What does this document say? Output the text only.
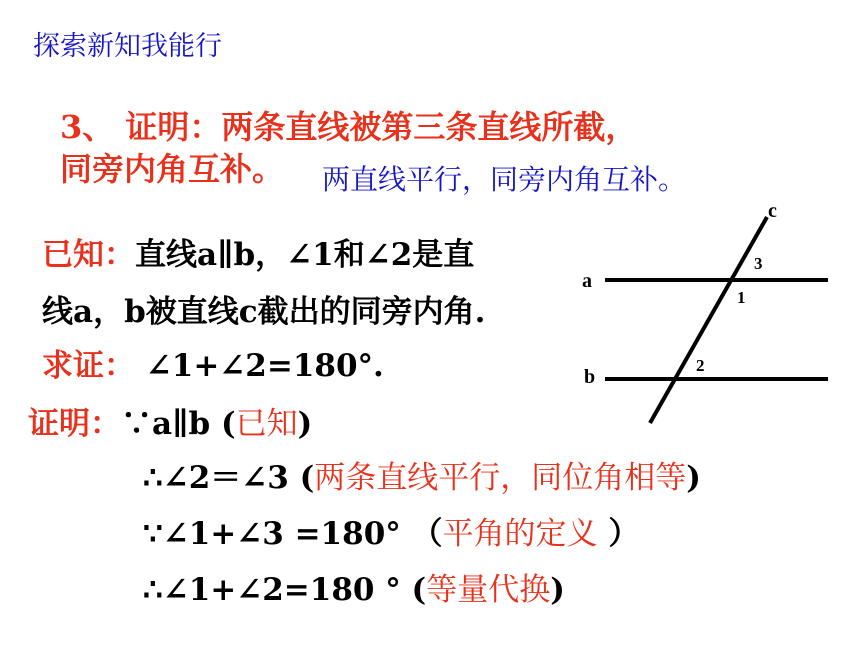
探索新知我能行
3、 证明：两条直线被第三条直线所截，
同旁内角互补。 两直线平行，同旁内角互补。
已知：直线a∥b，∠1和∠2是直
线a，b被直线c截出的同旁内角.
求证： ∠1+∠2=180°.
证明：∵a∥b (已知)
∴∠2＝∠3 (两条直线平行，同位角相等)
∵∠1+∠3 =180° （平角的定义 ）
∴∠1+∠2=180 ° (等量代换)
a
b
c
3
1
2
